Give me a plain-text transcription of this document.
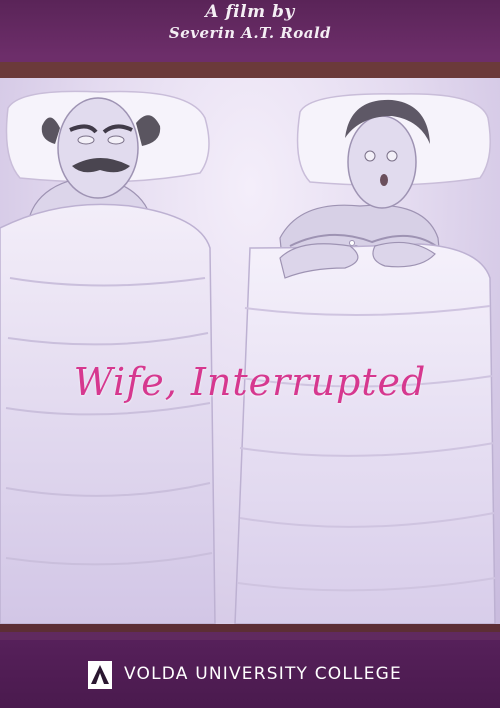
A film by
Severin A.T. Roald
Wife, Interrupted
VOLDA UNIVERSITY COLLEGE
